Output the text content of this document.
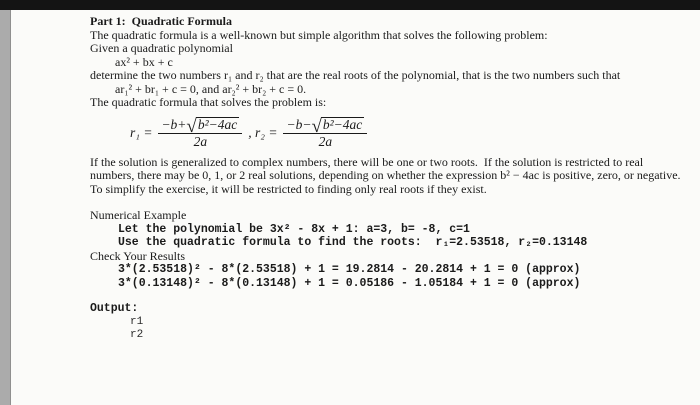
Part 1:  Quadratic Formula
The quadratic formula is a well-known but simple algorithm that solves the following problem:
Given a quadratic polynomial
ax² + bx + c
determine the two numbers r₁ and r₂ that are the real roots of the polynomial, that is the two numbers such that
ar₁² + br₁ + c = 0, and ar₂² + br₂ + c = 0.
The quadratic formula that solves the problem is:
$r_1 = \frac{\text{−b+√b²−4ac}}{2a}$ , $r_2 = \frac{\text{−b−√b²−4ac}}{2a}$
If the solution is generalized to complex numbers, there will be one or two roots.  If the solution is restricted to real numbers, there may be 0, 1, or 2 real solutions, depending on whether the expression b² − 4ac is positive, zero, or negative.  To simplify the exercise, it will be restricted to finding only real roots if they exist.
Numerical Example
Let the polynomial be 3x² - 8x + 1: a=3, b= -8, c=1
Use the quadratic formula to find the roots:  r₁=2.53518, r₂=0.13148
Check Your Results
3*(2.53518)² - 8*(2.53518) + 1 = 19.2814 - 20.2814 + 1 = 0 (approx)
3*(0.13148)² - 8*(0.13148) + 1 = 0.05186 - 1.05184 + 1 = 0 (approx)
Output:
r1
r2
